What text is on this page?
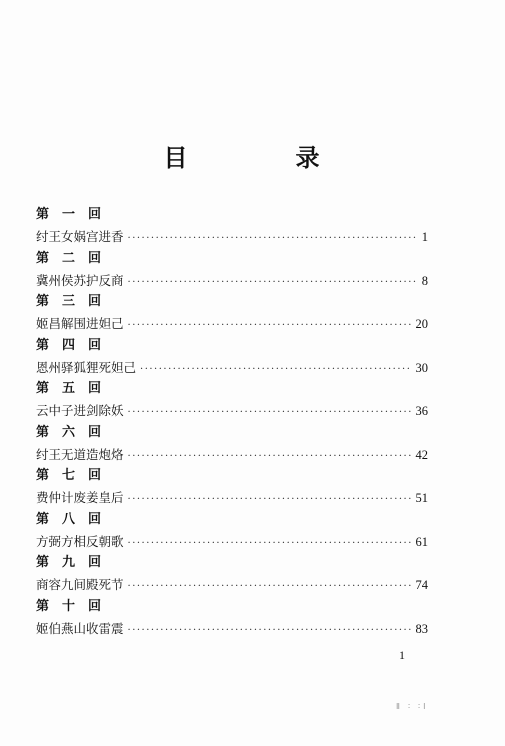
目　录
第　一　回
纣王女娲宫进香 ·····	1
第　二　回
冀州侯苏护反商 ·····	8
第　三　回
姬昌解围进妲己 ·····	20
第　四　回
恩州驿狐狸死妲己 ·····	30
第　五　回
云中子进剑除妖 ·····	36
第　六　回
纣王无道造炮烙 ·····	42
第　七　回
费仲计废姜皇后 ·····	51
第　八　回
方弼方相反朝歌 ·····	61
第　九　回
商容九间殿死节 ·····	74
第　十　回
姬伯燕山收雷震 ·····	83
1
Ⅱ ∶ ∶Ⅰ
